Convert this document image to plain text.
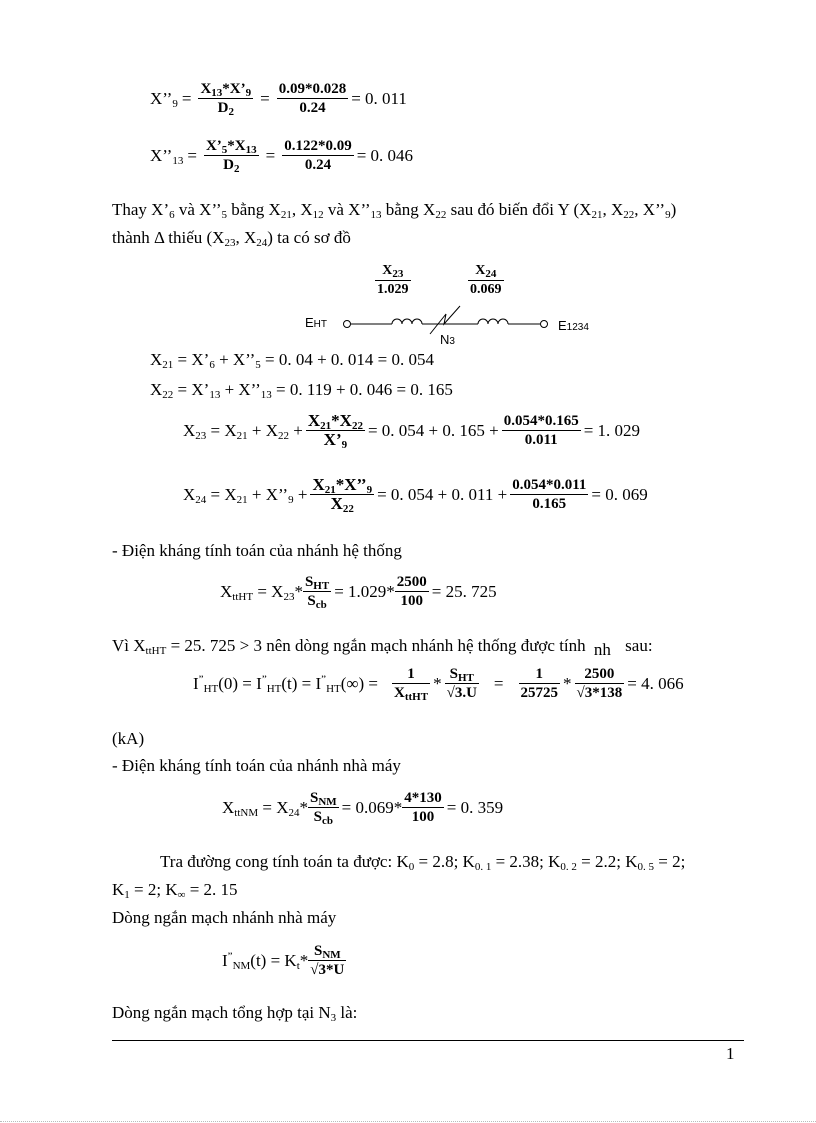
$X’’_9 = \frac{X_{13}*X’_9}{D_2} = \frac{0.09*0.028}{0.24} = 0$. 011
$X’’_{13} = \frac{X’_5*X_{13}}{D_2} = \frac{0.122*0.09}{0.24} = 0$. 046
Thay $X’_6$ và $X’’_5$ bằng $X_{21}$, $X_{12}$ và $X’’_{13}$ bằng $X_{22}$ sau đó biến đổi Y ($X_{21}$, $X_{22}$, $X’’_9$)
thành Δ thiếu ($X_{23}$, $X_{24}$) ta có sơ đồ
$\frac{X_{23}}{1.029}$	$\frac{X_{24}}{0.069}$
EHT	E1234
N3
$X_{21}$ = $X’_6$ + $X’’_5 = 0$. 04 + 0. 014 = 0. 054
$X_{22}$ = $X’_{13}$ + $X’’_{13} = 0$. 119 + 0. 046 = 0. 165
$X_{23} = X_{21} + X_{22} + \frac{X_{21}*X_{22}}{X’_9} = 0$. 054 + 0. $165 + \frac{0.054*0.165}{0.011} = 1$. 029
$X_{24} = X_{21}$ + $X’’_9 + \frac{X_{21}*X’’_9}{X_{22}} = 0$. 054 + 0. $011 + \frac{0.054*0.011}{0.165} = 0$. 069
- Điện kháng tính toán của nhánh hệ thống
$X_{ttHT} = X_{23}* \frac{S_{HT}}{S_{cb}} = 1.029* \frac{2500}{100} = 25$. 725
Vì $X_{ttHT} = 25$. 725 > 3 nên dòng ngắn mạch nhánh hệ thống được tính nh sau:
$I^”_{HT}(0) = I^”_{HT}(t) = I^”_{HT}(\infty) = \frac{1}{X_{ttHT}} * \frac{S_{HT}}{√3.U} = \frac{1}{25725} * \frac{2500}{√3*138} = 4$. 066
(kA)
- Điện kháng tính toán của nhánh nhà máy
$X_{ttNM} = X_{24}* \frac{S_{NM}}{S_{cb}} = 0.069* \frac{4*130}{100} = 0$. 359
Tra đường cong tính toán ta được: $K_0 = 2.8$; $K_{0. 1} = 2.38$; $K_{0. 2} = 2.2$; $K_{0. 5} = 2$;
$K_1 = 2$; $K_\infty = 2$. 15
Dòng ngắn mạch nhánh nhà máy
$I^”_{NM}(t) = K_t* \frac{S_{NM}}{√3*U}$
Dòng ngắn mạch tổng hợp tại $N_3$ là:
1
